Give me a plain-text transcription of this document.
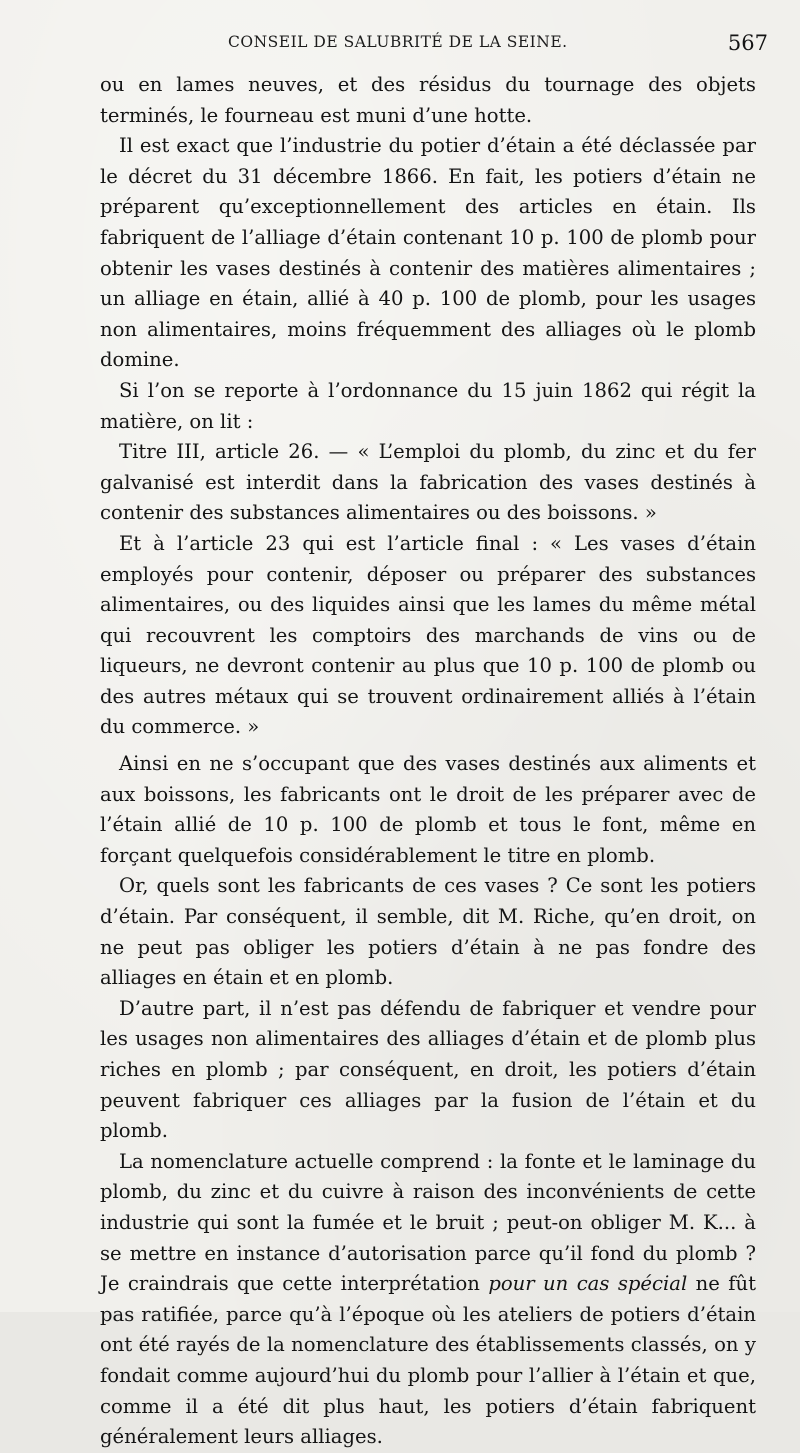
CONSEIL DE SALUBRITÉ DE LA SEINE.	567

ou en lames neuves, et des résidus du tournage des objets terminés, le fourneau est muni d’une hotte.

Il est exact que l’industrie du potier d’étain a été déclassée par le décret du 31 décembre 1866. En fait, les potiers d’étain ne préparent qu’exceptionnellement des articles en étain. Ils fabriquent de l’alliage d’étain contenant 10 p. 100 de plomb pour obtenir les vases destinés à contenir des matières alimentaires ; un alliage en étain, allié à 40 p. 100 de plomb, pour les usages non alimentaires, moins fréquemment des alliages où le plomb domine.

Si l’on se reporte à l’ordonnance du 15 juin 1862 qui régit la matière, on lit :

Titre III, article 26. — « L’emploi du plomb, du zinc et du fer galvanisé est interdit dans la fabrication des vases destinés à contenir des substances alimentaires ou des boissons. »

Et à l’article 23 qui est l’article final : « Les vases d’étain employés pour contenir, déposer ou préparer des substances alimentaires, ou des liquides ainsi que les lames du même métal qui recouvrent les comptoirs des marchands de vins ou de liqueurs, ne devront contenir au plus que 10 p. 100 de plomb ou des autres métaux qui se trouvent ordinairement alliés à l’étain du commerce. »

Ainsi en ne s’occupant que des vases destinés aux aliments et aux boissons, les fabricants ont le droit de les préparer avec de l’étain allié de 10 p. 100 de plomb et tous le font, même en forçant quelquefois considérablement le titre en plomb.

Or, quels sont les fabricants de ces vases ? Ce sont les potiers d’étain. Par conséquent, il semble, dit M. Riche, qu’en droit, on ne peut pas obliger les potiers d’étain à ne pas fondre des alliages en étain et en plomb.

D’autre part, il n’est pas défendu de fabriquer et vendre pour les usages non alimentaires des alliages d’étain et de plomb plus riches en plomb ; par conséquent, en droit, les potiers d’étain peuvent fabriquer ces alliages par la fusion de l’étain et du plomb.

La nomenclature actuelle comprend : la fonte et le laminage du plomb, du zinc et du cuivre à raison des inconvénients de cette industrie qui sont la fumée et le bruit ; peut-on obliger M. K... à se mettre en instance d’autorisation parce qu’il fond du plomb ? Je craindrais que cette interprétation pour un cas spécial ne fût pas ratifiée, parce qu’à l’époque où les ateliers de potiers d’étain ont été rayés de la nomenclature des établissements classés, on y fondait comme aujourd’hui du plomb pour l’allier à l’étain et que, comme il a été dit plus haut, les potiers d’étain fabriquent généralement leurs alliages.
